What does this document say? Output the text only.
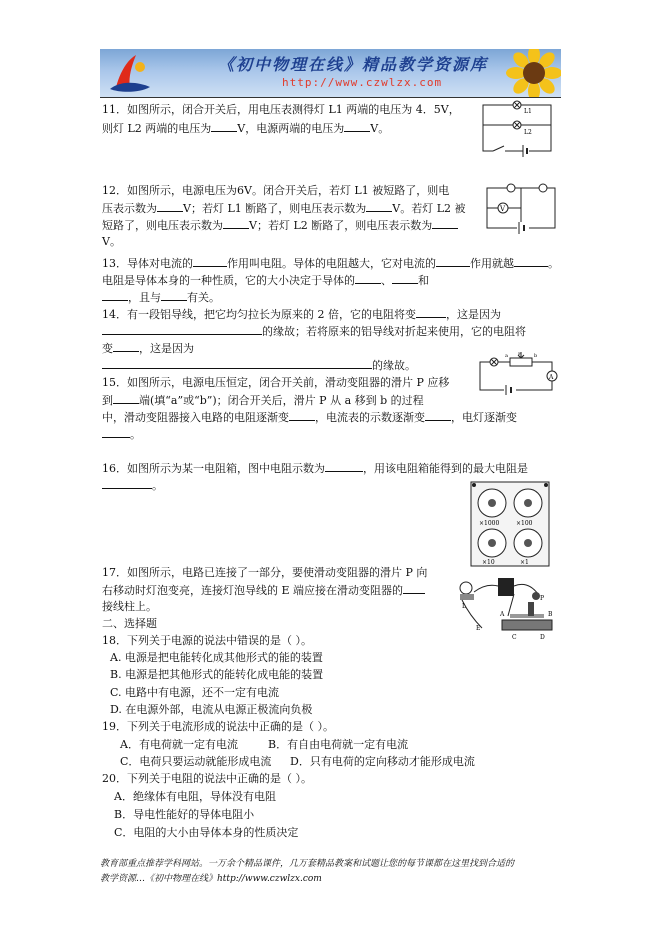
《初中物理在线》精品教学资源库
http://www.czwlzx.com
11．如图所示，闭合开关后，用电压表测得灯 L1 两端的电压为 4．5V，
则灯 L2 两端的电压为 V，电源两端的电压为 V。
L1
L2
12．如图所示，电源电压为6V。闭合开关后，若灯 L1 被短路了，则电
压表示数为 V；若灯 L1 断路了，则电压表示数为 V。若灯 L2 被
短路了，则电压表示数为 V；若灯 L2 断路了，则电压表示数为
V。
V
13．导体对电流的	作用叫电阻。导体的电阻越大，它对电流的	作用就越	。
电阻是导体本身的一种性质，它的大小决定于导体的 、 和
，且与 有关。
14．有一段铝导线，把它均匀拉长为原来的 2 倍，它的电阻将变	，这是因为
的缘故；若将原来的铝导线对折起来使用，它的电阻将
变 ，这是因为
的缘故。
15．如图所示，电源电压恒定，闭合开关前，滑动变阻器的滑片 P 应移
到 端(填“a”或“b”)；闭合开关后，滑片 P 从 a 移到 b 的过程
中，滑动变阻器接入电路的电阻逐渐变 ，电流表的示数逐渐变 ，电灯逐渐变
。
P
a	b
A
16．如图所示为某一电阻箱，图中电阻示数为	，用该电阻箱能得到的最大电阻是
。
×1000	×100
×10	×1
17．如图所示，电路已连接了一部分，要使滑动变阻器的滑片 P 向
右移动时灯泡变亮，连接灯泡导线的 E 端应接在滑动变阻器的
接线柱上。	L
E
C	D
A	B
P
二、选择题
18．下列关于电源的说法中错误的是（ ）。
A. 电源是把电能转化成其他形式的能的装置
B. 电源是把其他形式的能转化成电能的装置
C. 电路中有电源，还不一定有电流
D. 在电源外部，电流从电源正极流向负极
19．下列关于电流形成的说法中正确的是（ ）。
A．有电荷就一定有电流	B．有自由电荷就一定有电流
C．电荷只要运动就能形成电流 D．只有电荷的定向移动才能形成电流
20．下列关于电阻的说法中正确的是（ ）。
A．绝缘体有电阻，导体没有电阻
B．导电性能好的导体电阻小
C．电阻的大小由导体本身的性质决定
教育部重点推荐学科网站。一万余个精品课件，几万套精品教案和试题让您的每节课都在这里找到合适的
教学资源…《初中物理在线》http://www.czwlzx.com
